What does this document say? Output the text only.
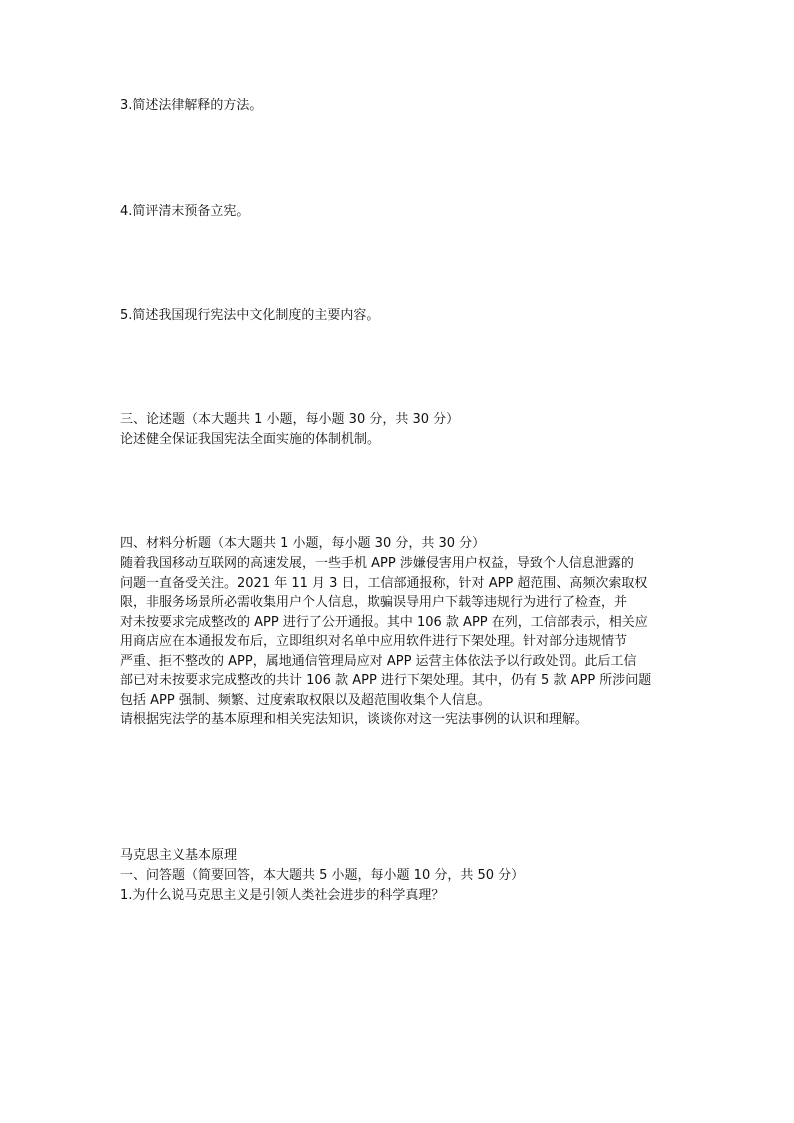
3.简述法律解释的方法。

4.简评清末预备立宪。

5.简述我国现行宪法中文化制度的主要内容。

三、论述题（本大题共 1 小题，每小题 30 分，共 30 分）

论述健全保证我国宪法全面实施的体制机制。

四、材料分析题（本大题共 1 小题，每小题 30 分，共 30 分）

随着我国移动互联网的高速发展，一些手机 APP 涉嫌侵害用户权益，导致个人信息泄露的
问题一直备受关注。2021 年 11 月 3 日，工信部通报称，针对 APP 超范围、高频次索取权
限，非服务场景所必需收集用户个人信息，欺骗误导用户下载等违规行为进行了检查，并
对未按要求完成整改的 APP 进行了公开通报。其中 106 款 APP 在列，工信部表示，相关应
用商店应在本通报发布后，立即组织对名单中应用软件进行下架处理。针对部分违规情节
严重、拒不整改的 APP，属地通信管理局应对 APP 运营主体依法予以行政处罚。此后工信
部已对未按要求完成整改的共计 106 款 APP 进行下架处理。其中，仍有 5 款 APP 所涉问题
包括 APP 强制、频繁、过度索取权限以及超范围收集个人信息。
请根据宪法学的基本原理和相关宪法知识，谈谈你对这一宪法事例的认识和理解。

马克思主义基本原理

一、问答题（简要回答，本大题共 5 小题，每小题 10 分，共 50 分）

1.为什么说马克思主义是引领人类社会进步的科学真理？
